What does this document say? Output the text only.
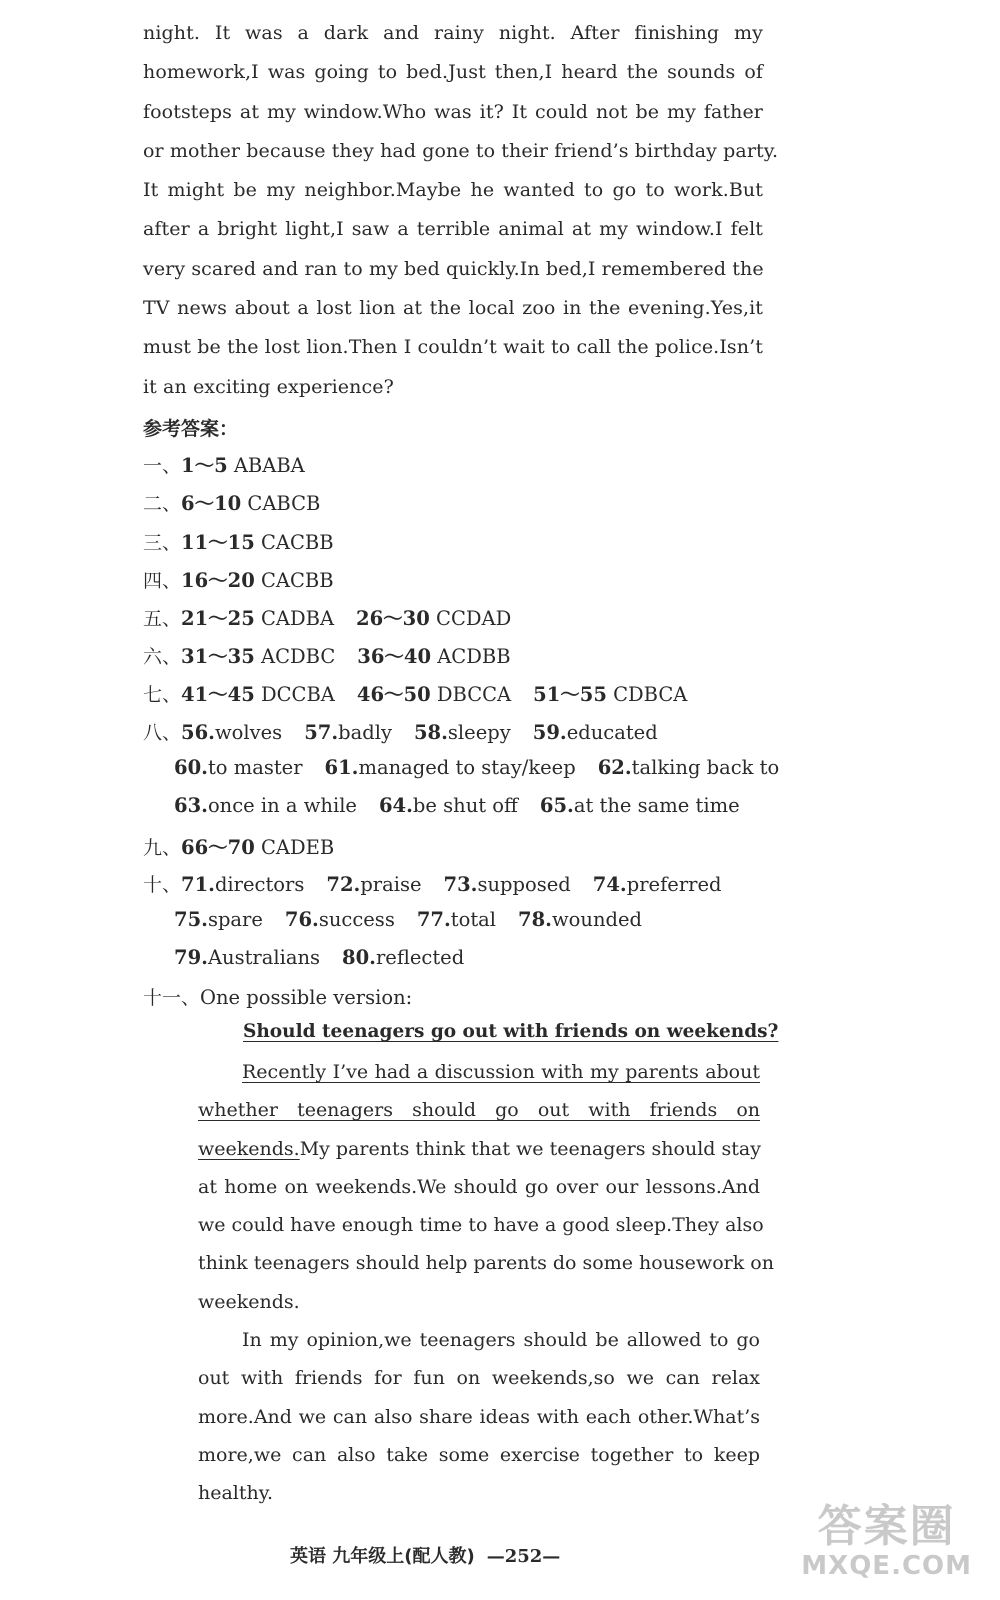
night. It was a dark and rainy night. After finishing my

homework,I was going to bed.Just then,I heard the sounds of

footsteps at my window.Who was it? It could not be my father

or mother because they had gone to their friend’s birthday party.

It might be my neighbor.Maybe he wanted to go to work.But

after a bright light,I saw a terrible animal at my window.I felt

very scared and ran to my bed quickly.In bed,I remembered the

TV news about a lost lion at the local zoo in the evening.Yes,it

must be the lost lion.Then I couldn’t wait to call the police.Isn’t

it an exciting experience?

参考答案：
一、1～5 ABABA
二、6～10 CABCB
三、11～15 CACBB
四、16～20 CACBB
五、21～25 CADBA 26～30 CCDAD
六、31～35 ACDBC 36～40 ACDBB
七、41～45 DCCBA 46～50 DBCCA 51～55 CDBCA
八、56.wolves 57.badly 58.sleepy 59.educated
60.to master 61.managed to stay/keep 62.talking back to
63.once in a while 64.be shut off 65.at the same time
九、66～70 CADEB
十、71.directors 72.praise 73.supposed 74.preferred
75.spare 76.success 77.total 78.wounded
79.Australians 80.reflected
十一、One possible version:
Should teenagers go out with friends on weekends?

Recently I’ve had a discussion with my parents about

whether teenagers should go out with friends on

weekends.My parents think that we teenagers should stay

at home on weekends.We should go over our lessons.And

we could have enough time to have a good sleep.They also

think teenagers should help parents do some housework on

weekends.

In my opinion,we teenagers should be allowed to go

out with friends for fun on weekends,so we can relax

more.And we can also share ideas with each other.What’s

more,we can also take some exercise together to keep

healthy.

英语 九年级上(配人教) —252—
答案圈
MXQE.COM
